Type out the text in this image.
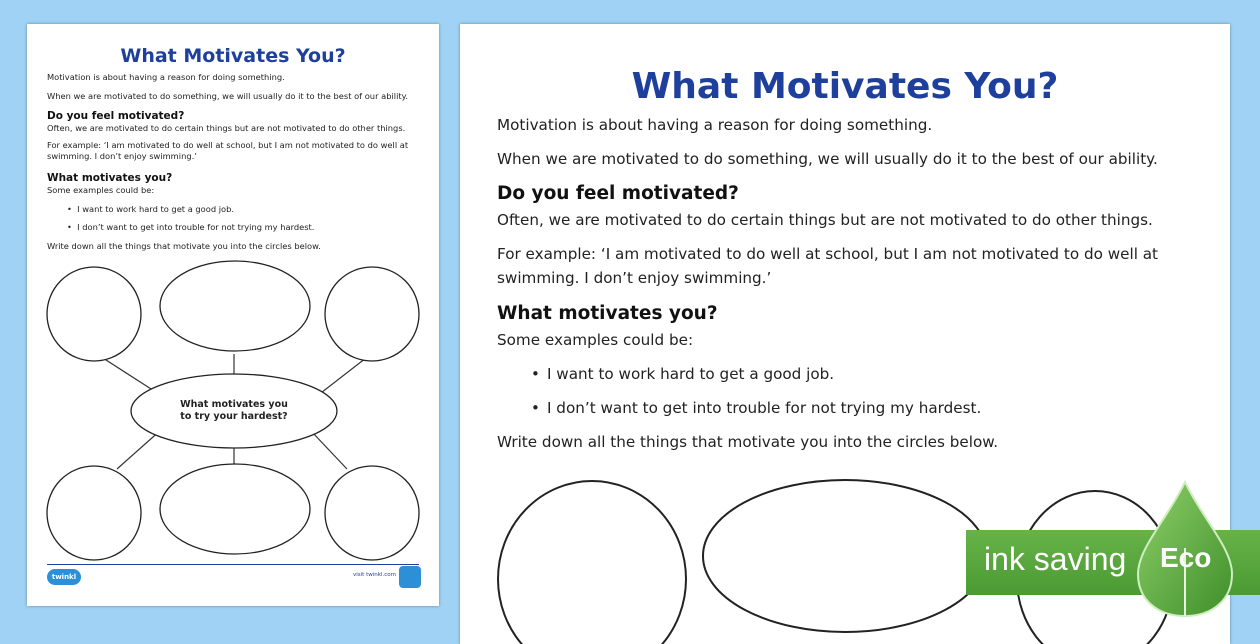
What Motivates You?
Motivation is about having a reason for doing something.
When we are motivated to do something, we will usually do it to the best of our ability.
Do you feel motivated?
Often, we are motivated to do certain things but are not motivated to do other things.
For example: ‘I am motivated to do well at school, but I am not motivated to do well at
swimming. I don’t enjoy swimming.’
What motivates you?
Some examples could be:
•  I want to work hard to get a good job.
•  I don’t want to get into trouble for not trying my hardest.
Write down all the things that motivate you into the circles below.
What motivates you
to try your hardest?
twinkl	visit twinkl.com
What Motivates You?
Motivation is about having a reason for doing something.
When we are motivated to do something, we will usually do it to the best of our ability.
Do you feel motivated?
Often, we are motivated to do certain things but are not motivated to do other things.
For example: ‘I am motivated to do well at school, but I am not motivated to do well at
swimming. I don’t enjoy swimming.’
What motivates you?
Some examples could be:
• I want to work hard to get a good job.
• I don’t want to get into trouble for not trying my hardest.
Write down all the things that motivate you into the circles below.
ink saving Eco
